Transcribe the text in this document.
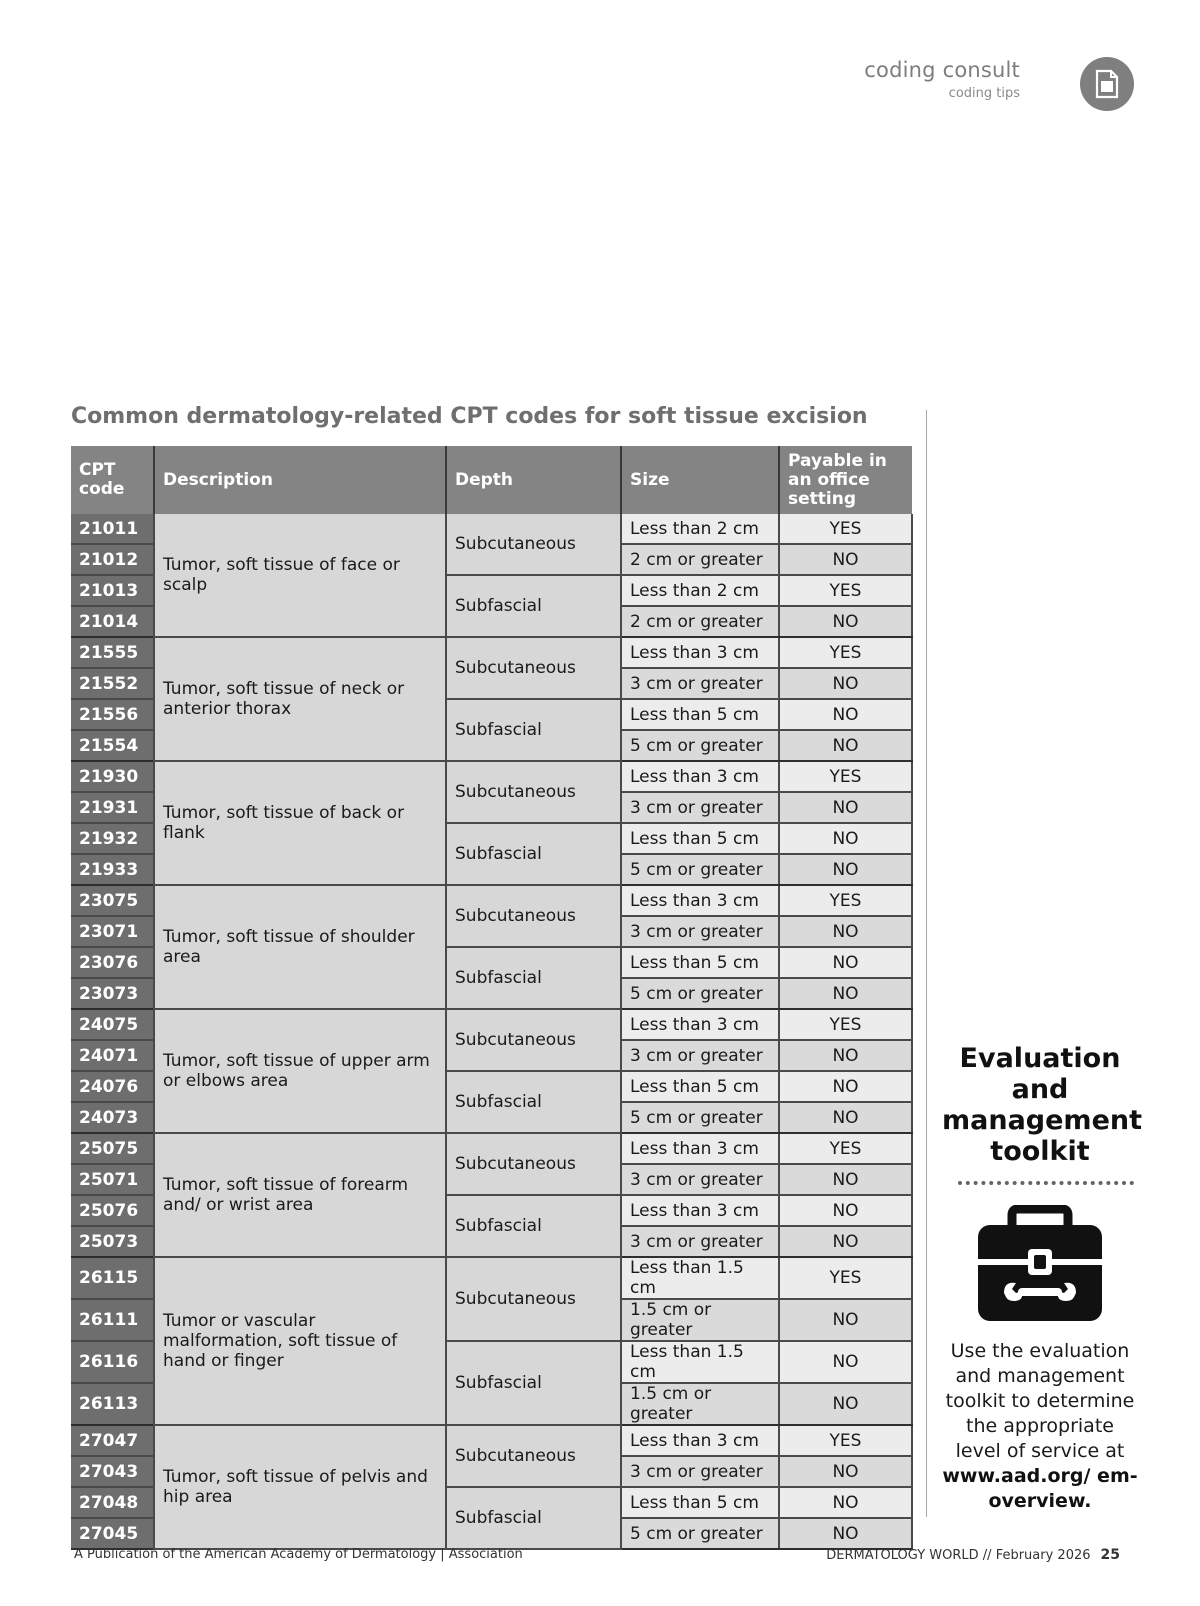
coding consult
coding tips
Common dermatology-related CPT codes for soft tissue excision
CPT
code	Description	Depth	Size	Payable in
an office
setting
21011	Tumor, soft tissue of face or scalp	Subcutaneous	Less than 2 cm	YES
21012			2 cm or greater	NO
21013		Subfascial	Less than 2 cm	YES
21014			2 cm or greater	NO
21555	Tumor, soft tissue of neck or anterior thorax	Subcutaneous	Less than 3 cm	YES
21552			3 cm or greater	NO
21556		Subfascial	Less than 5 cm	NO
21554			5 cm or greater	NO
21930	Tumor, soft tissue of back or flank	Subcutaneous	Less than 3 cm	YES
21931			3 cm or greater	NO
21932		Subfascial	Less than 5 cm	NO
21933			5 cm or greater	NO
23075	Tumor, soft tissue of shoulder area	Subcutaneous	Less than 3 cm	YES
23071			3 cm or greater	NO
23076		Subfascial	Less than 5 cm	NO
23073			5 cm or greater	NO
24075	Tumor, soft tissue of upper arm or elbows area	Subcutaneous	Less than 3 cm	YES
24071			3 cm or greater	NO
24076		Subfascial	Less than 5 cm	NO
24073			5 cm or greater	NO
25075	Tumor, soft tissue of forearm and/ or wrist area	Subcutaneous	Less than 3 cm	YES
25071			3 cm or greater	NO
25076		Subfascial	Less than 3 cm	NO
25073			3 cm or greater	NO
26115	Tumor or vascular malformation, soft tissue of hand or finger	Subcutaneous	Less than 1.5 cm	YES
26111			1.5 cm or greater	NO
26116		Subfascial	Less than 1.5 cm	NO
26113			1.5 cm or greater	NO
27047	Tumor, soft tissue of pelvis and hip area	Subcutaneous	Less than 3 cm	YES
27043			3 cm or greater	NO
27048		Subfascial	Less than 5 cm	NO
27045			5 cm or greater	NO
Evaluation and management toolkit
Use the evaluation and management toolkit to determine the appropriate level of service at
www.aad.org/ em-overview.
A Publication of the American Academy of Dermatology | Association	DERMATOLOGY WORLD // February 2026 25
